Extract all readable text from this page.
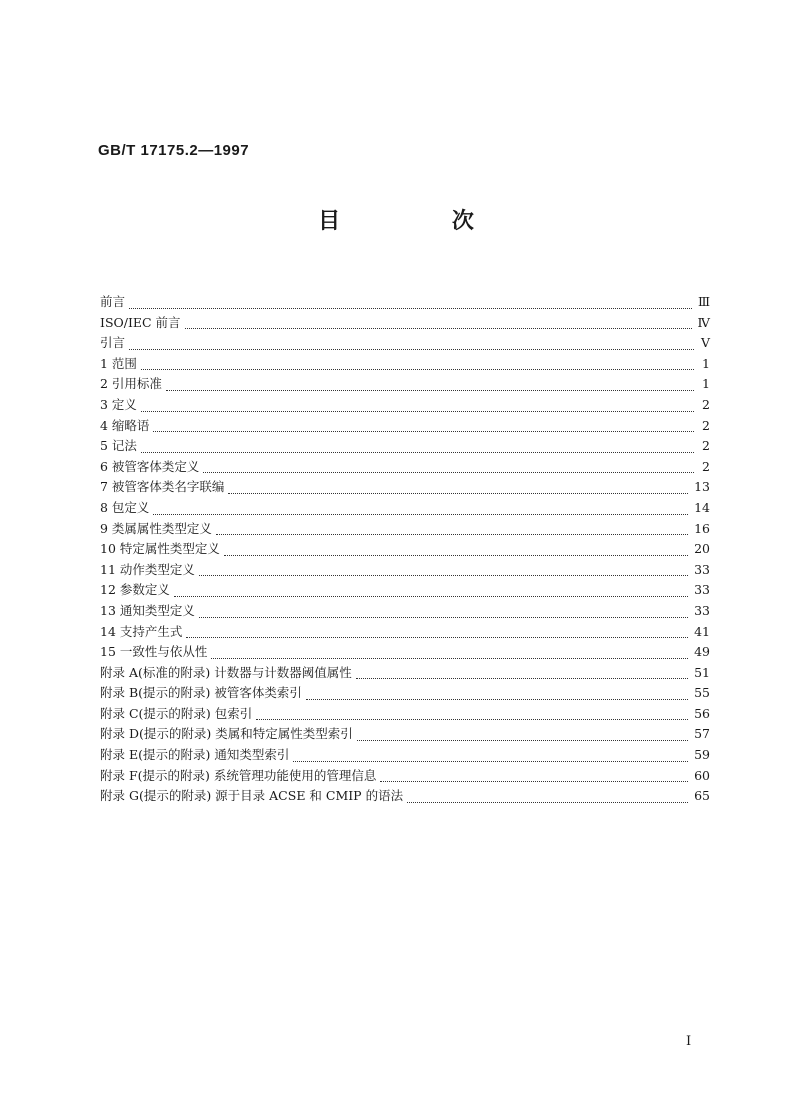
GB/T 17175.2—1997
目 次
前言	Ⅲ
ISO/IEC 前言	Ⅳ
引言	Ⅴ
1 范围	1
2 引用标准	1
3 定义	2
4 缩略语	2
5 记法	2
6 被管客体类定义	2
7 被管客体类名字联编	13
8 包定义	14
9 类属属性类型定义	16
10 特定属性类型定义	20
11 动作类型定义	33
12 参数定义	33
13 通知类型定义	33
14 支持产生式	41
15 一致性与依从性	49
附录 A(标准的附录) 计数器与计数器阈值属性	51
附录 B(提示的附录) 被管客体类索引	55
附录 C(提示的附录) 包索引	56
附录 D(提示的附录) 类属和特定属性类型索引	57
附录 E(提示的附录) 通知类型索引	59
附录 F(提示的附录) 系统管理功能使用的管理信息	60
附录 G(提示的附录) 源于目录 ACSE 和 CMIP 的语法	65
I
